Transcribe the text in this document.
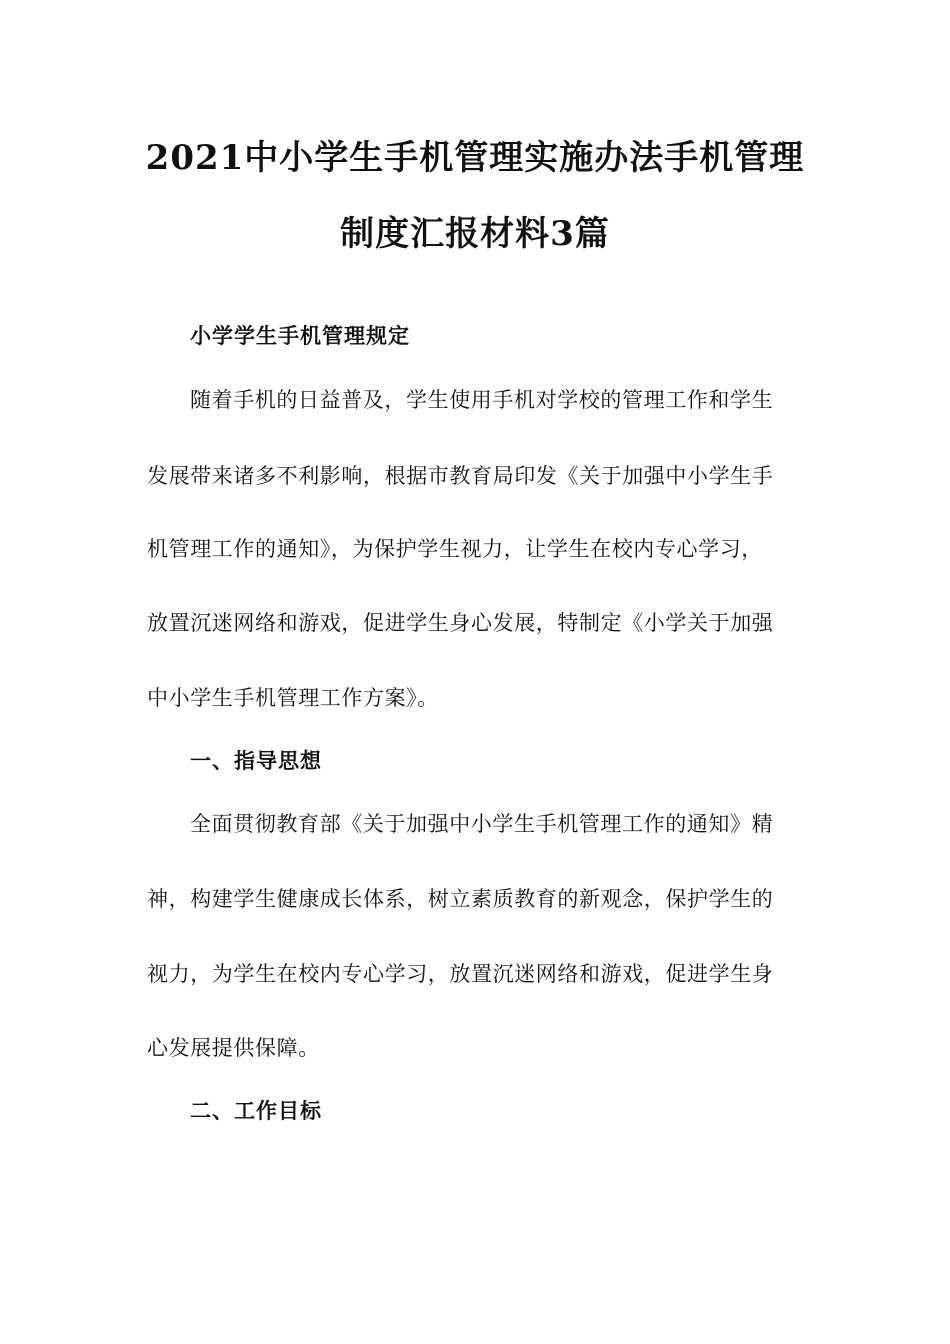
2021中小学生手机管理实施办法手机管理
制度汇报材料3篇
小学学生手机管理规定
随着手机的日益普及，学生使用手机对学校的管理工作和学生
发展带来诸多不利影响，根据市教育局印发《关于加强中小学生手
机管理工作的通知》，为保护学生视力，让学生在校内专心学习，
放置沉迷网络和游戏，促进学生身心发展，特制定《小学关于加强
中小学生手机管理工作方案》。
一、指导思想
全面贯彻教育部《关于加强中小学生手机管理工作的通知》精
神，构建学生健康成长体系，树立素质教育的新观念，保护学生的
视力，为学生在校内专心学习，放置沉迷网络和游戏，促进学生身
心发展提供保障。
二、工作目标
